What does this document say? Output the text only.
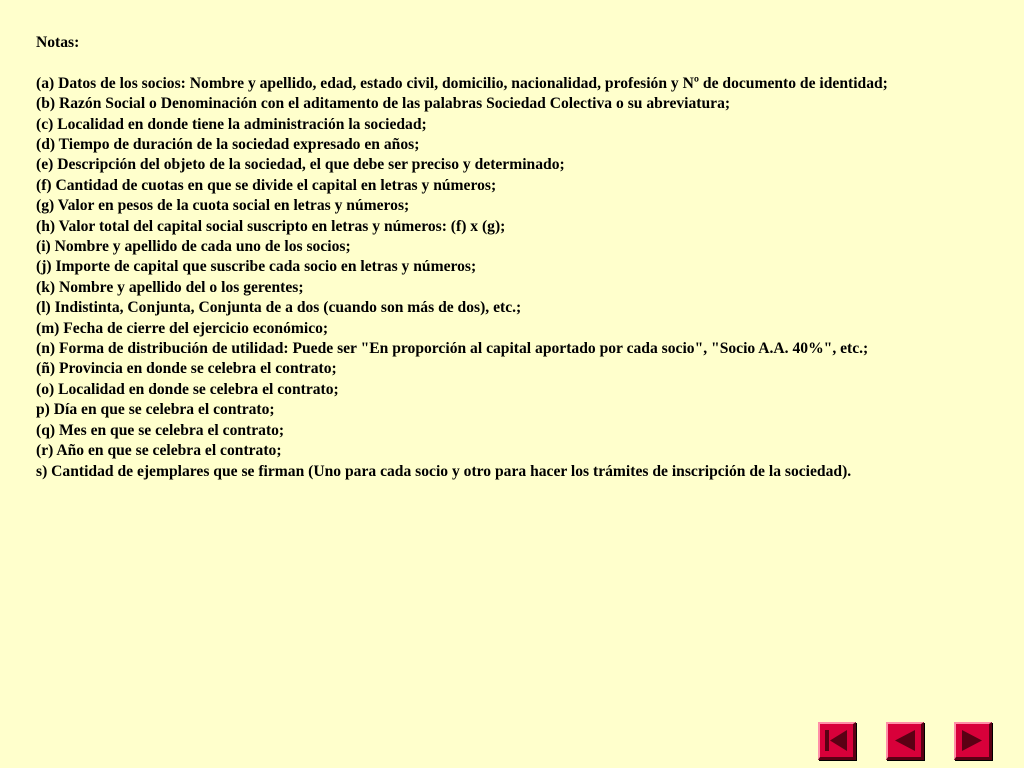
Notas:
(a) Datos de los socios: Nombre y apellido, edad, estado civil, domicilio, nacionalidad, profesión y Nº de documento de identidad;
(b) Razón Social o Denominación con el aditamento de las palabras Sociedad Colectiva o su abreviatura;
(c) Localidad en donde tiene la administración la sociedad;
(d) Tiempo de duración de la sociedad expresado en años;
(e) Descripción del objeto de la sociedad, el que debe ser preciso y determinado;
(f) Cantidad de cuotas en que se divide el capital en letras y números;
(g) Valor en pesos de la cuota social en letras y números;
(h) Valor total del capital social suscripto en letras y números: (f) x (g);
(i) Nombre y apellido de cada uno de los socios;
(j) Importe de capital que suscribe cada socio en letras y números;
(k) Nombre y apellido del o los gerentes;
(l) Indistinta, Conjunta, Conjunta de a dos (cuando son más de dos), etc.;
(m) Fecha de cierre del ejercicio económico;
(n) Forma de distribución de utilidad: Puede ser "En proporción al capital aportado por cada socio", "Socio A.A. 40%", etc.;
(ñ) Provincia en donde se celebra el contrato;
(o) Localidad en donde se celebra el contrato;
p) Día en que se celebra el contrato;
(q) Mes en que se celebra el contrato;
(r) Año en que se celebra el contrato;
s) Cantidad de ejemplares que se firman (Uno para cada socio y otro para hacer los trámites de inscripción de la sociedad).
